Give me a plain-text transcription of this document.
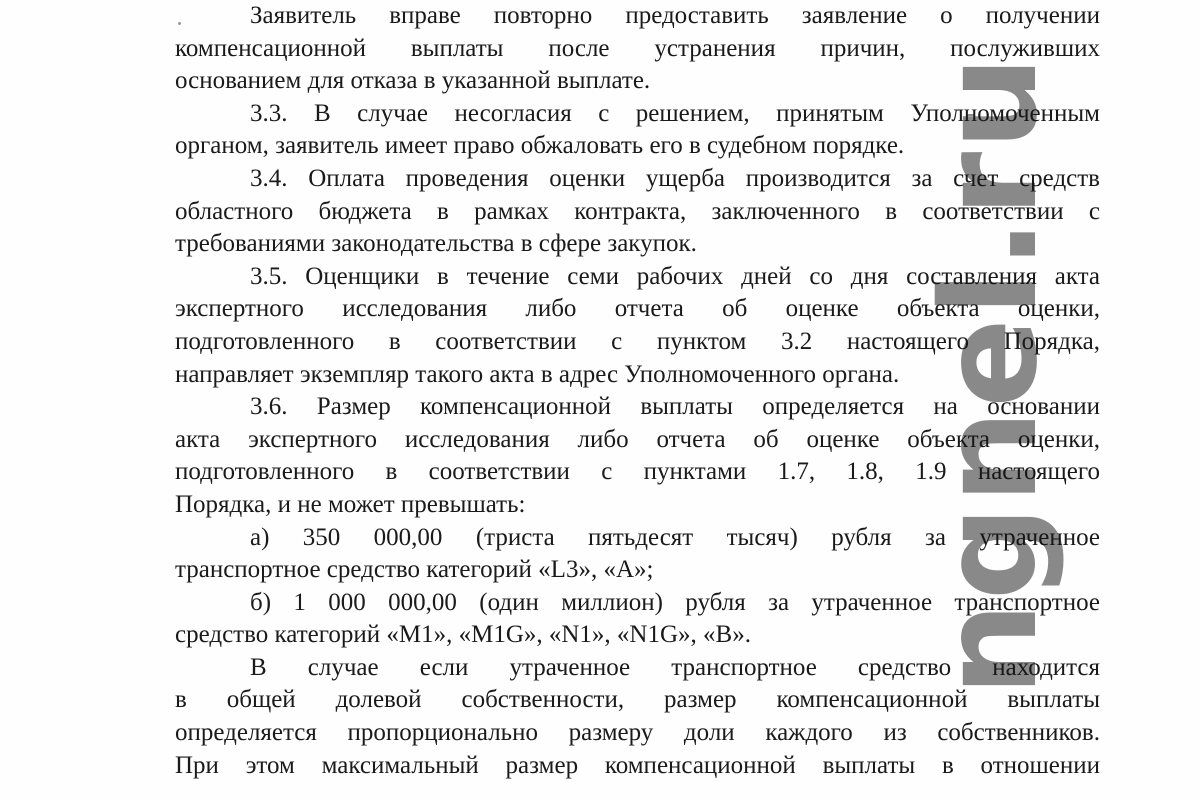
Заявитель вправе повторно предоставить заявление о получении
компенсационной выплаты после устранения причин, послуживших
основанием для отказа в указанной выплате.
3.3. В случае несогласия с решением, принятым Уполномоченным
органом, заявитель имеет право обжаловать его в судебном порядке.
3.4. Оплата проведения оценки ущерба производится за счет средств
областного бюджета в рамках контракта, заключенного в соответствии с
требованиями законодательства в сфере закупок.
3.5. Оценщики в течение семи рабочих дней со дня составления акта
экспертного исследования либо отчета об оценке объекта оценки,
подготовленного в соответствии с пунктом 3.2 настоящего Порядка,
направляет экземпляр такого акта в адрес Уполномоченного органа.
3.6. Размер компенсационной выплаты определяется на основании
акта экспертного исследования либо отчета об оценке объекта оценки,
подготовленного в соответствии с пунктами 1.7, 1.8, 1.9 настоящего
Порядка, и не может превышать:
а) 350 000,00 (триста пятьдесят тысяч) рубля за утраченное
транспортное средство категорий «L3», «А»;
б) 1 000 000,00 (один миллион) рубля за утраченное транспортное
средство категорий «M1», «M1G», «N1», «N1G», «В».
В случае если утраченное транспортное средство находится
в общей долевой собственности, размер компенсационной выплаты
определяется пропорционально размеру доли каждого из собственников.
При этом максимальный размер компенсационной выплаты в отношении
ngnel.ru
